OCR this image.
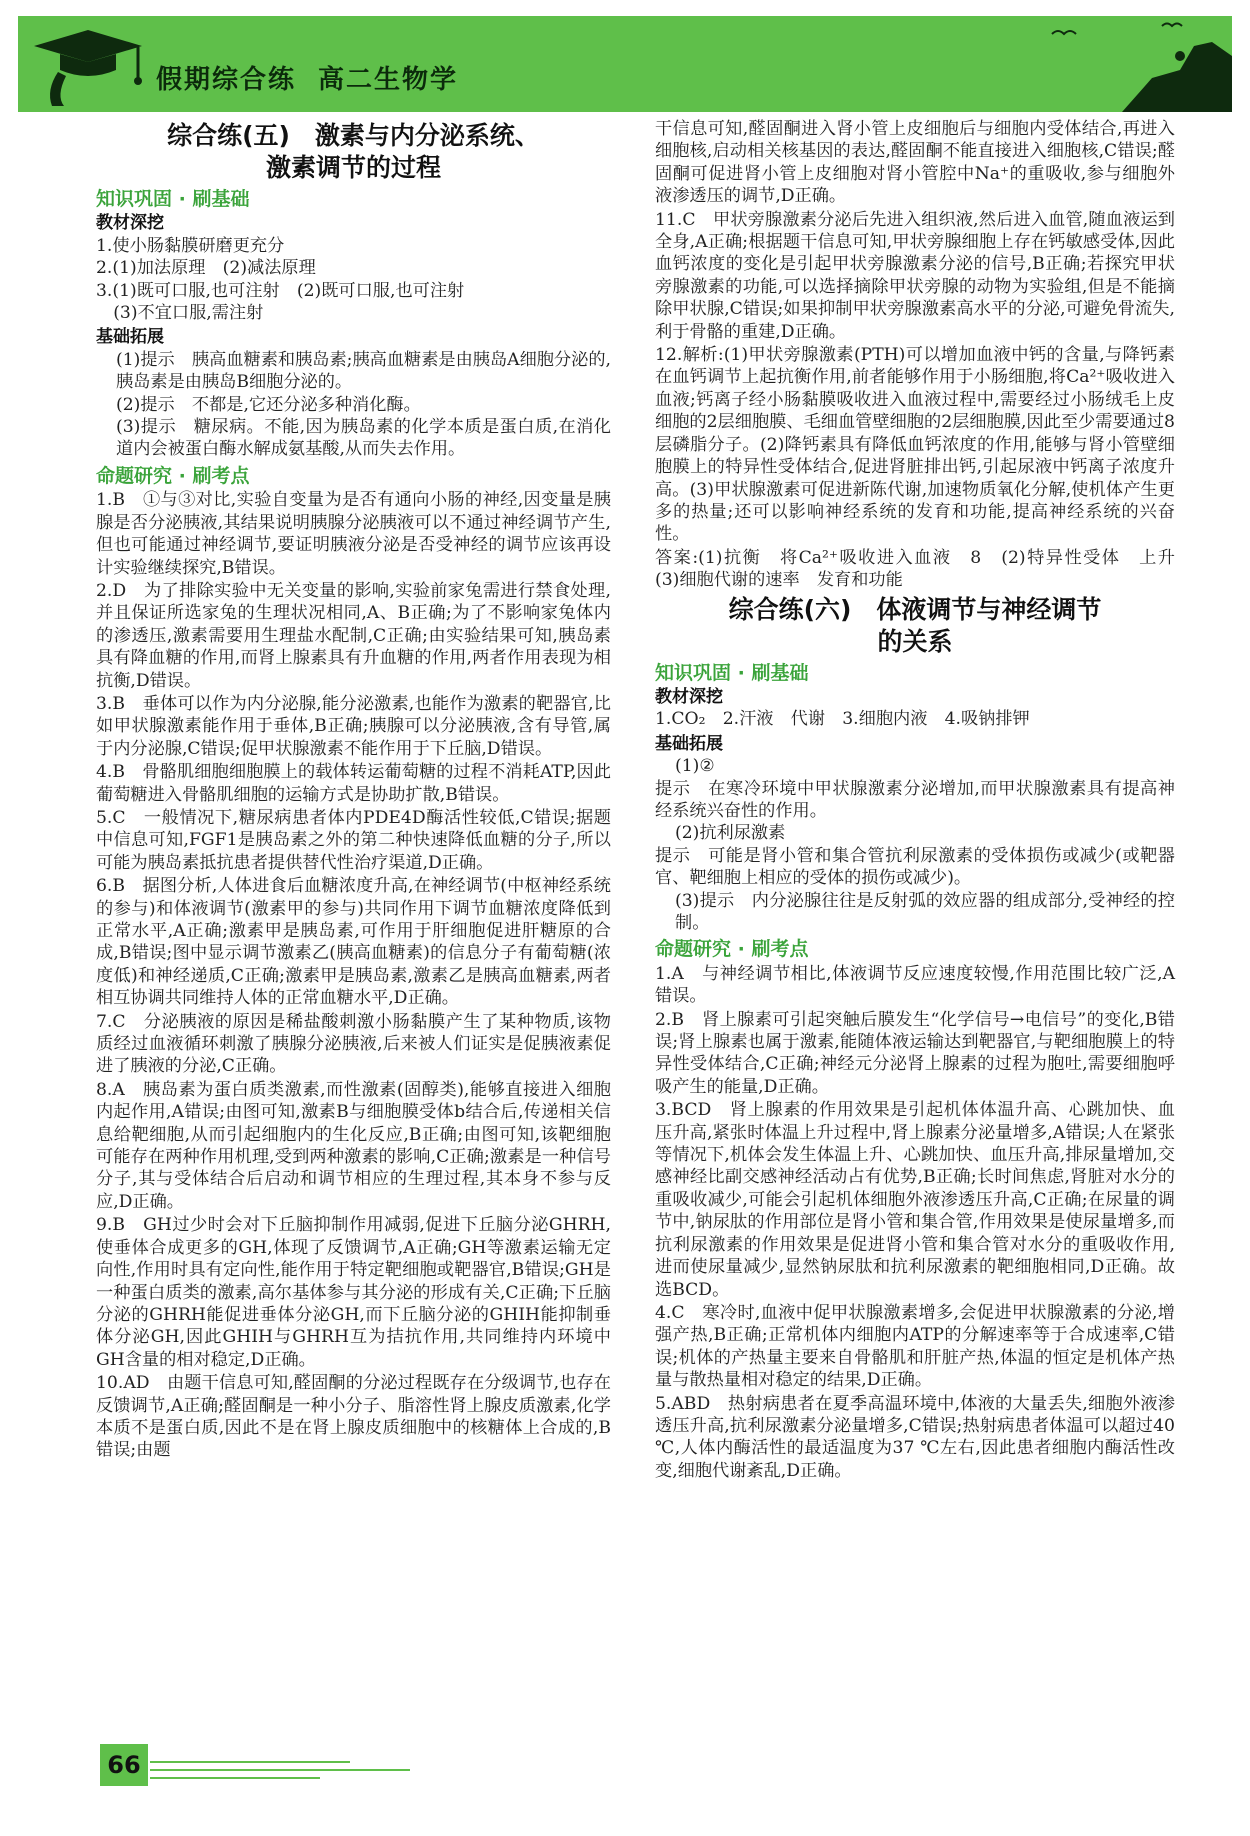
假期综合练 高二生物学
综合练(五)　激素与内分泌系统、
激素调节的过程
知识巩固 · 刷基础
教材深挖
1.使小肠黏膜研磨更充分
2.(1)加法原理　(2)减法原理
3.(1)既可口服,也可注射　(2)既可口服,也可注射
　(3)不宜口服,需注射
基础拓展
(1)提示　胰高血糖素和胰岛素;胰高血糖素是由胰岛A细胞分泌的,胰岛素是由胰岛B细胞分泌的。
(2)提示　不都是,它还分泌多种消化酶。
(3)提示　糖尿病。不能,因为胰岛素的化学本质是蛋白质,在消化道内会被蛋白酶水解成氨基酸,从而失去作用。
命题研究 · 刷考点
1.B　①与③对比,实验自变量为是否有通向小肠的神经,因变量是胰腺是否分泌胰液,其结果说明胰腺分泌胰液可以不通过神经调节产生,但也可能通过神经调节,要证明胰液分泌是否受神经的调节应该再设计实验继续探究,B错误。
2.D　为了排除实验中无关变量的影响,实验前家兔需进行禁食处理,并且保证所选家兔的生理状况相同,A、B正确;为了不影响家兔体内的渗透压,激素需要用生理盐水配制,C正确;由实验结果可知,胰岛素具有降血糖的作用,而肾上腺素具有升血糖的作用,两者作用表现为相抗衡,D错误。
3.B　垂体可以作为内分泌腺,能分泌激素,也能作为激素的靶器官,比如甲状腺激素能作用于垂体,B正确;胰腺可以分泌胰液,含有导管,属于内分泌腺,C错误;促甲状腺激素不能作用于下丘脑,D错误。
4.B　骨骼肌细胞细胞膜上的载体转运葡萄糖的过程不消耗ATP,因此葡萄糖进入骨骼肌细胞的运输方式是协助扩散,B错误。
5.C　一般情况下,糖尿病患者体内PDE4D酶活性较低,C错误;据题中信息可知,FGF1是胰岛素之外的第二种快速降低血糖的分子,所以可能为胰岛素抵抗患者提供替代性治疗渠道,D正确。
6.B　据图分析,人体进食后血糖浓度升高,在神经调节(中枢神经系统的参与)和体液调节(激素甲的参与)共同作用下调节血糖浓度降低到正常水平,A正确;激素甲是胰岛素,可作用于肝细胞促进肝糖原的合成,B错误;图中显示调节激素乙(胰高血糖素)的信息分子有葡萄糖(浓度低)和神经递质,C正确;激素甲是胰岛素,激素乙是胰高血糖素,两者相互协调共同维持人体的正常血糖水平,D正确。
7.C　分泌胰液的原因是稀盐酸刺激小肠黏膜产生了某种物质,该物质经过血液循环刺激了胰腺分泌胰液,后来被人们证实是促胰液素促进了胰液的分泌,C正确。
8.A　胰岛素为蛋白质类激素,而性激素(固醇类),能够直接进入细胞内起作用,A错误;由图可知,激素B与细胞膜受体b结合后,传递相关信息给靶细胞,从而引起细胞内的生化反应,B正确;由图可知,该靶细胞可能存在两种作用机理,受到两种激素的影响,C正确;激素是一种信号分子,其与受体结合后启动和调节相应的生理过程,其本身不参与反应,D正确。
9.B　GH过少时会对下丘脑抑制作用减弱,促进下丘脑分泌GHRH,使垂体合成更多的GH,体现了反馈调节,A正确;GH等激素运输无定向性,作用时具有定向性,能作用于特定靶细胞或靶器官,B错误;GH是一种蛋白质类的激素,高尔基体参与其分泌的形成有关,C正确;下丘脑分泌的GHRH能促进垂体分泌GH,而下丘脑分泌的GHIH能抑制垂体分泌GH,因此GHIH与GHRH互为拮抗作用,共同维持内环境中GH含量的相对稳定,D正确。
10.AD　由题干信息可知,醛固酮的分泌过程既存在分级调节,也存在反馈调节,A正确;醛固酮是一种小分子、脂溶性肾上腺皮质激素,化学本质不是蛋白质,因此不是在肾上腺皮质细胞中的核糖体上合成的,B错误;由题
干信息可知,醛固酮进入肾小管上皮细胞后与细胞内受体结合,再进入细胞核,启动相关核基因的表达,醛固酮不能直接进入细胞核,C错误;醛固酮可促进肾小管上皮细胞对肾小管腔中Na⁺的重吸收,参与细胞外液渗透压的调节,D正确。
11.C　甲状旁腺激素分泌后先进入组织液,然后进入血管,随血液运到全身,A正确;根据题干信息可知,甲状旁腺细胞上存在钙敏感受体,因此血钙浓度的变化是引起甲状旁腺激素分泌的信号,B正确;若探究甲状旁腺激素的功能,可以选择摘除甲状旁腺的动物为实验组,但是不能摘除甲状腺,C错误;如果抑制甲状旁腺激素高水平的分泌,可避免骨流失,利于骨骼的重建,D正确。
12.解析:(1)甲状旁腺激素(PTH)可以增加血液中钙的含量,与降钙素在血钙调节上起抗衡作用,前者能够作用于小肠细胞,将Ca²⁺吸收进入血液;钙离子经小肠黏膜吸收进入血液过程中,需要经过小肠绒毛上皮细胞的2层细胞膜、毛细血管壁细胞的2层细胞膜,因此至少需要通过8层磷脂分子。(2)降钙素具有降低血钙浓度的作用,能够与肾小管壁细胞膜上的特异性受体结合,促进肾脏排出钙,引起尿液中钙离子浓度升高。(3)甲状腺激素可促进新陈代谢,加速物质氧化分解,使机体产生更多的热量;还可以影响神经系统的发育和功能,提高神经系统的兴奋性。
答案:(1)抗衡　将Ca²⁺吸收进入血液　8　(2)特异性受体　上升　(3)细胞代谢的速率　发育和功能
综合练(六)　体液调节与神经调节
的关系
知识巩固 · 刷基础
教材深挖
1.CO₂　2.汗液　代谢　3.细胞内液　4.吸钠排钾
基础拓展
(1)②
提示　在寒冷环境中甲状腺激素分泌增加,而甲状腺激素具有提高神经系统兴奋性的作用。
(2)抗利尿激素
提示　可能是肾小管和集合管抗利尿激素的受体损伤或减少(或靶器官、靶细胞上相应的受体的损伤或减少)。
(3)提示　内分泌腺往往是反射弧的效应器的组成部分,受神经的控制。
命题研究 · 刷考点
1.A　与神经调节相比,体液调节反应速度较慢,作用范围比较广泛,A错误。
2.B　肾上腺素可引起突触后膜发生“化学信号→电信号”的变化,B错误;肾上腺素也属于激素,能随体液运输达到靶器官,与靶细胞膜上的特异性受体结合,C正确;神经元分泌肾上腺素的过程为胞吐,需要细胞呼吸产生的能量,D正确。
3.BCD　肾上腺素的作用效果是引起机体体温升高、心跳加快、血压升高,紧张时体温上升过程中,肾上腺素分泌量增多,A错误;人在紧张等情况下,机体会发生体温上升、心跳加快、血压升高,排尿量增加,交感神经比副交感神经活动占有优势,B正确;长时间焦虑,肾脏对水分的重吸收减少,可能会引起机体细胞外液渗透压升高,C正确;在尿量的调节中,钠尿肽的作用部位是肾小管和集合管,作用效果是使尿量增多,而抗利尿激素的作用效果是促进肾小管和集合管对水分的重吸收作用,进而使尿量减少,显然钠尿肽和抗利尿激素的靶细胞相同,D正确。故选BCD。
4.C　寒冷时,血液中促甲状腺激素增多,会促进甲状腺激素的分泌,增强产热,B正确;正常机体内细胞内ATP的分解速率等于合成速率,C错误;机体的产热量主要来自骨骼肌和肝脏产热,体温的恒定是机体产热量与散热量相对稳定的结果,D正确。
5.ABD　热射病患者在夏季高温环境中,体液的大量丢失,细胞外液渗透压升高,抗利尿激素分泌量增多,C错误;热射病患者体温可以超过40 ℃,人体内酶活性的最适温度为37 ℃左右,因此患者细胞内酶活性改变,细胞代谢紊乱,D正确。
66
